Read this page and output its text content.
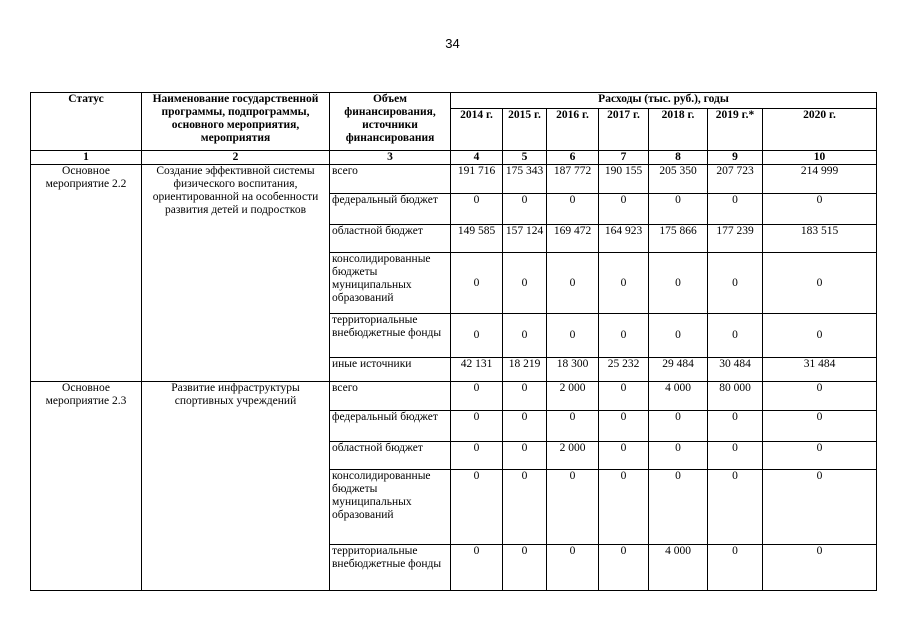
34
Статус	Наименование государственной программы, подпрограммы, основного мероприятия, мероприятия	Объем финансирования, источники финансирования	Расходы (тыс. руб.), годы						
			2014 г.	2015 г.	2016 г.	2017 г.	2018 г.	2019 г.*	2020 г.
1	2	3	4	5	6	7	8	9	10
Основное мероприятие 2.2	Создание эффективной системы физического воспитания, ориентированной на особенности развития детей и подростков	всего	191 716	175 343	187 772	190 155	205 350	207 723	214 999
		федеральный бюджет	0	0	0	0	0	0	0
		областной бюджет	149 585	157 124	169 472	164 923	175 866	177 239	183 515
		консолидированные бюджеты муниципальных образований	0	0	0	0	0	0	0
		территориальные внебюджетные фонды	0	0	0	0	0	0	0
		иные источники	42 131	18 219	18 300	25 232	29 484	30 484	31 484
Основное мероприятие 2.3	Развитие инфраструктуры спортивных учреждений	всего	0	0	2 000	0	4 000	80 000	0
		федеральный бюджет	0	0	0	0	0	0	0
		областной бюджет	0	0	2 000	0	0	0	0
		консолидированные бюджеты муниципальных образований	0	0	0	0	0	0	0
		территориальные внебюджетные фонды	0	0	0	0	4 000	0	0
